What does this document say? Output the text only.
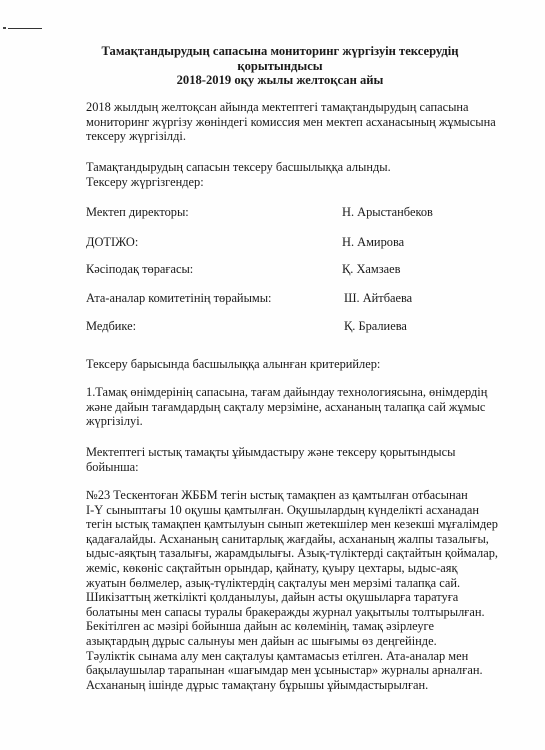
Тамақтандырудың сапасына мониторинг жүргізуін тексерудің
қорытындысы
2018-2019 оқу жылы желтоқсан айы
2018 жылдың желтоқсан айында мектептегі тамақтандырудың сапасына
мониторинг жүргізу жөніндегі комиссия мен мектеп асханасының жұмысына
тексеру жүргізілді.
Тамақтандырудың сапасын тексеру басшылыққа алынды.
Тексеру жүргізгендер:
Мектеп директоры:	Н. Арыстанбеков
ДОТІЖО:	Н. Амирова
Кәсіподақ төрағасы:	Қ. Хамзаев
Ата-аналар комитетінің төрайымы:	Ш. Айтбаева
Медбике:	Қ. Бралиева
Тексеру барысында басшылыққа алынған критерийлер:
1.Тамақ өнімдерінің сапасына, тағам дайындау технологиясына, өнімдердің
және дайын тағамдардың сақталу мерзіміне, асхананың талапқа сай жұмыс
жүргізілуі.
Мектептегі ыстық тамақты ұйымдастыру және тексеру қорытындысы
бойынша:
№23 Тескентоған ЖББМ тегін ыстық тамақпен аз қамтылған отбасынан
І-Ү сыныптағы 10 оқушы қамтылған. Оқушылардың күнделікті асханадан
тегін ыстық тамақпен қамтылуын сынып жетекшілер мен кезекші мұғалімдер
қадағалайды. Асхананың санитарлық жағдайы, асхананың жалпы тазалығы,
ыдыс-аяқтың тазалығы, жарамдылығы. Азық-түліктерді сақтайтын қоймалар,
жеміс, көкөніс сақтайтын орындар, қайнату, қуыру цехтары, ыдыс-аяқ
жуатын бөлмелер, азық-түліктердің сақталуы мен мерзімі талапқа сай.
Шикізаттың жеткілікті қолданылуы, дайын асты оқушыларға таратуға
болатыны мен сапасы туралы бракеражды журнал уақытылы толтырылған.
Бекітілген ас мәзірі бойынша дайын ас көлемінің, тамақ әзірлеуге
азықтардың дұрыс салынуы мен дайын ас шығымы өз деңгейінде.
Тәуліктік сынама алу мен сақталуы қамтамасыз етілген. Ата-аналар мен
бақылаушылар тарапынан «шағымдар мен ұсыныстар» журналы арналған.
Асхананың ішінде дұрыс тамақтану бұрышы ұйымдастырылған.
